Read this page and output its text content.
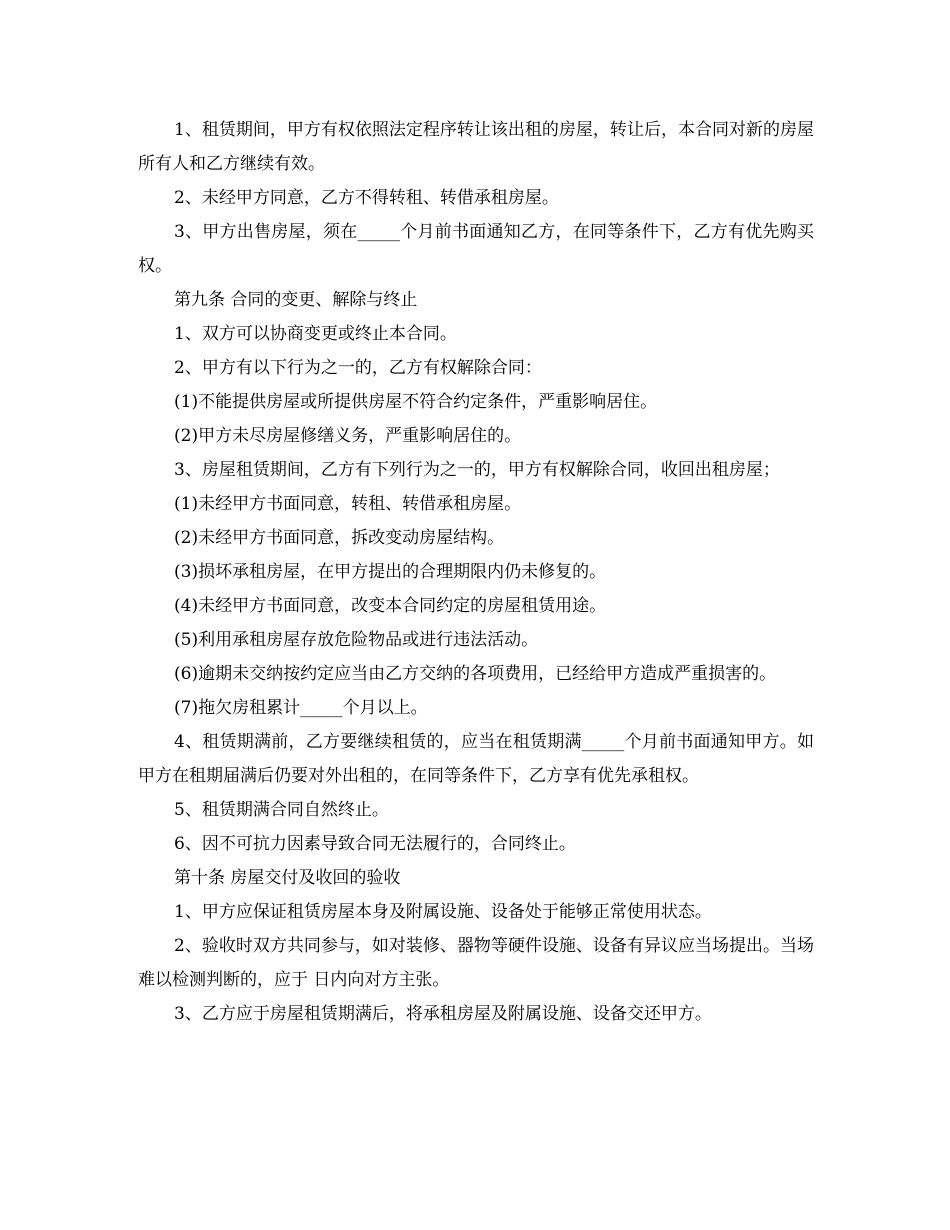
1、租赁期间，甲方有权依照法定程序转让该出租的房屋，转让后，本合同对新的房屋所有人和乙方继续有效。

2、未经甲方同意，乙方不得转租、转借承租房屋。

3、甲方出售房屋，须在_____个月前书面通知乙方，在同等条件下，乙方有优先购买权。

第九条 合同的变更、解除与终止

1、双方可以协商变更或终止本合同。

2、甲方有以下行为之一的，乙方有权解除合同：

(1)不能提供房屋或所提供房屋不符合约定条件，严重影响居住。

(2)甲方未尽房屋修缮义务，严重影响居住的。

3、房屋租赁期间，乙方有下列行为之一的，甲方有权解除合同，收回出租房屋；

(1)未经甲方书面同意，转租、转借承租房屋。

(2)未经甲方书面同意，拆改变动房屋结构。

(3)损坏承租房屋，在甲方提出的合理期限内仍未修复的。

(4)未经甲方书面同意，改变本合同约定的房屋租赁用途。

(5)利用承租房屋存放危险物品或进行违法活动。

(6)逾期未交纳按约定应当由乙方交纳的各项费用，已经给甲方造成严重损害的。

(7)拖欠房租累计_____个月以上。

4、租赁期满前，乙方要继续租赁的，应当在租赁期满_____个月前书面通知甲方。如甲方在租期届满后仍要对外出租的，在同等条件下，乙方享有优先承租权。

5、租赁期满合同自然终止。

6、因不可抗力因素导致合同无法履行的，合同终止。

第十条 房屋交付及收回的验收

1、甲方应保证租赁房屋本身及附属设施、设备处于能够正常使用状态。

2、验收时双方共同参与，如对装修、器物等硬件设施、设备有异议应当场提出。当场难以检测判断的，应于 日内向对方主张。

3、乙方应于房屋租赁期满后，将承租房屋及附属设施、设备交还甲方。
